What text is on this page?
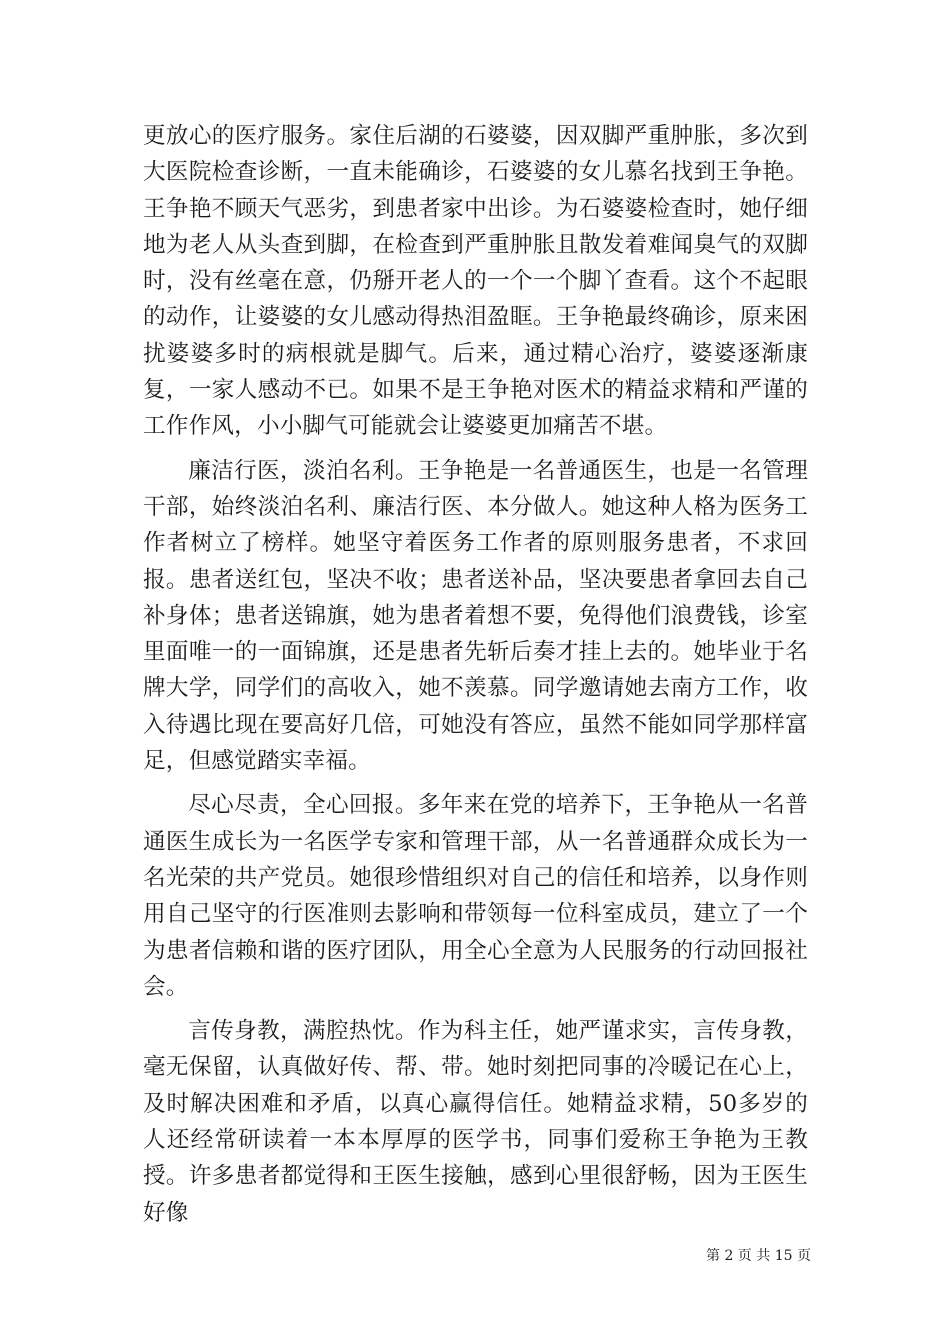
更放心的医疗服务。家住后湖的石婆婆，因双脚严重肿胀，多次到大医院检查诊断，一直未能确诊，石婆婆的女儿慕名找到王争艳。王争艳不顾天气恶劣，到患者家中出诊。为石婆婆检查时，她仔细地为老人从头查到脚，在检查到严重肿胀且散发着难闻臭气的双脚时，没有丝毫在意，仍掰开老人的一个一个脚丫查看。这个不起眼的动作，让婆婆的女儿感动得热泪盈眶。王争艳最终确诊，原来困扰婆婆多时的病根就是脚气。后来，通过精心治疗，婆婆逐渐康复，一家人感动不已。如果不是王争艳对医术的精益求精和严谨的工作作风，小小脚气可能就会让婆婆更加痛苦不堪。

廉洁行医，淡泊名利。王争艳是一名普通医生，也是一名管理干部，始终淡泊名利、廉洁行医、本分做人。她这种人格为医务工作者树立了榜样。她坚守着医务工作者的原则服务患者，不求回报。患者送红包，坚决不收；患者送补品，坚决要患者拿回去自己补身体；患者送锦旗，她为患者着想不要，免得他们浪费钱，诊室里面唯一的一面锦旗，还是患者先斩后奏才挂上去的。她毕业于名牌大学，同学们的高收入，她不羡慕。同学邀请她去南方工作，收入待遇比现在要高好几倍，可她没有答应，虽然不能如同学那样富足，但感觉踏实幸福。

尽心尽责，全心回报。多年来在党的培养下，王争艳从一名普通医生成长为一名医学专家和管理干部，从一名普通群众成长为一名光荣的共产党员。她很珍惜组织对自己的信任和培养，以身作则用自己坚守的行医准则去影响和带领每一位科室成员，建立了一个为患者信赖和谐的医疗团队，用全心全意为人民服务的行动回报社会。

言传身教，满腔热忱。作为科主任，她严谨求实，言传身教，毫无保留，认真做好传、帮、带。她时刻把同事的冷暖记在心上，及时解决困难和矛盾，以真心赢得信任。她精益求精，50多岁的人还经常研读着一本本厚厚的医学书，同事们爱称王争艳为王教授。许多患者都觉得和王医生接触，感到心里很舒畅，因为王医生好像

第 2 页 共 15 页
